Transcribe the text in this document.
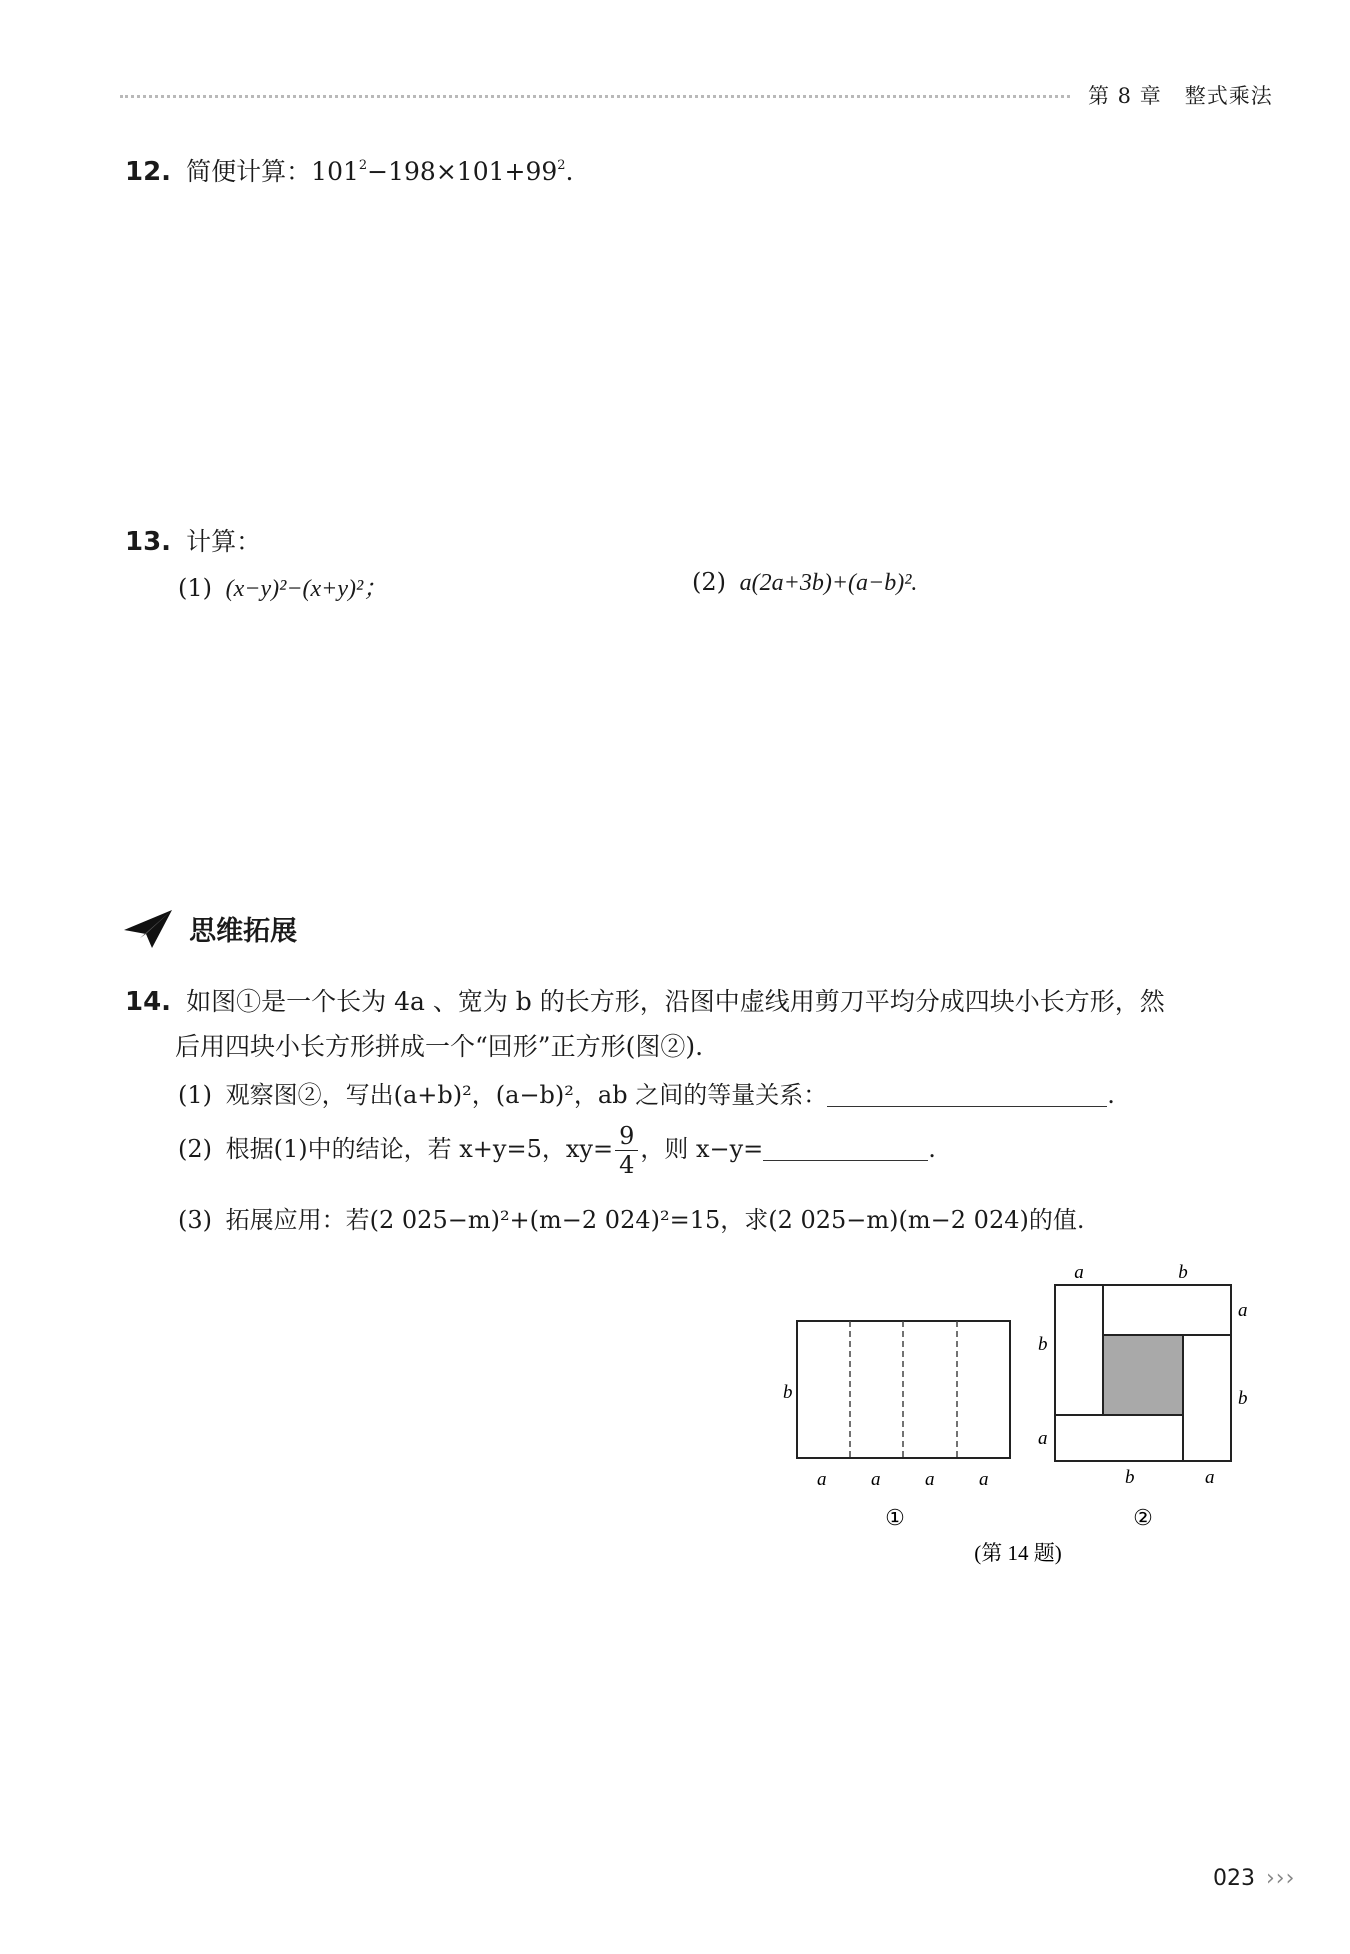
第 8 章 整式乘法
12. 简便计算：$101^2-198\times 101+99^2$.
13. 计算：
(1) (x−y)²−(x+y)²；	(2) a(2a+3b)+(a−b)².
思维拓展
14. 如图①是一个长为 4a 、宽为 b 的长方形，沿图中虚线用剪刀平均分成四块小长方形，然
后用四块小长方形拼成一个“回形”正方形(图②).
(1) 观察图②，写出(a+b)²，(a−b)²，ab 之间的等量关系：	.
(2) 根据(1)中的结论，若 x+y=5，$xy= \frac{9}{4}$ ，则 x−y=	.
(3) 拓展应用：若(2 025−m)²+(m−2 024)²=15，求(2 025−m)(m−2 024)的值.
b
a a a a
①
a	b
a
b
b
a
b	a
②
(第 14 题)
023 ›››
